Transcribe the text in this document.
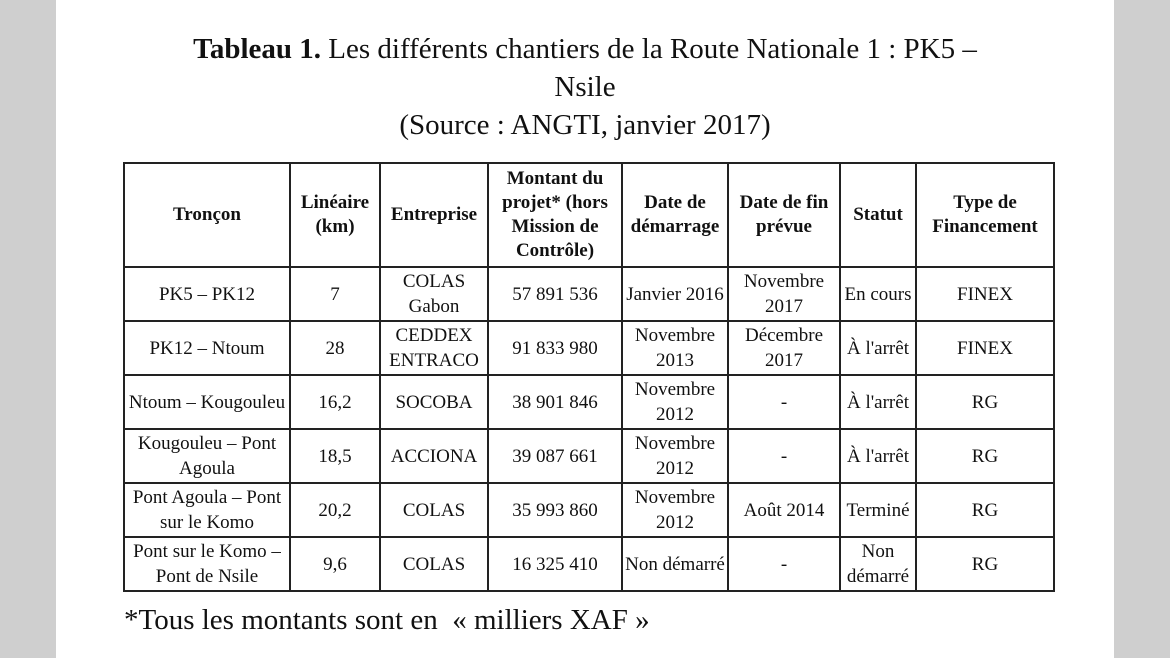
Tableau 1. Les différents chantiers de la Route Nationale 1 : PK5 –
Nsile
(Source : ANGTI, janvier 2017)
Tronçon	Linéaire (km)	Entreprise	Montant du projet* (hors Mission de Contrôle)	Date de démarrage	Date de fin prévue	Statut	Type de Financement
PK5 – PK12	7	COLAS Gabon	57 891 536	Janvier 2016	Novembre 2017	En cours	FINEX
PK12 – Ntoum	28	CEDDEX ENTRACO	91 833 980	Novembre 2013	Décembre 2017	À l'arrêt	FINEX
Ntoum – Kougouleu	16,2	SOCOBA	38 901 846	Novembre 2012	-	À l'arrêt	RG
Kougouleu – Pont Agoula	18,5	ACCIONA	39 087 661	Novembre 2012	-	À l'arrêt	RG
Pont Agoula – Pont sur le Komo	20,2	COLAS	35 993 860	Novembre 2012	Août 2014	Terminé	RG
Pont sur le Komo – Pont de Nsile	9,6	COLAS	16 325 410	Non démarré	-	Non démarré	RG
*Tous les montants sont en  « milliers XAF »
